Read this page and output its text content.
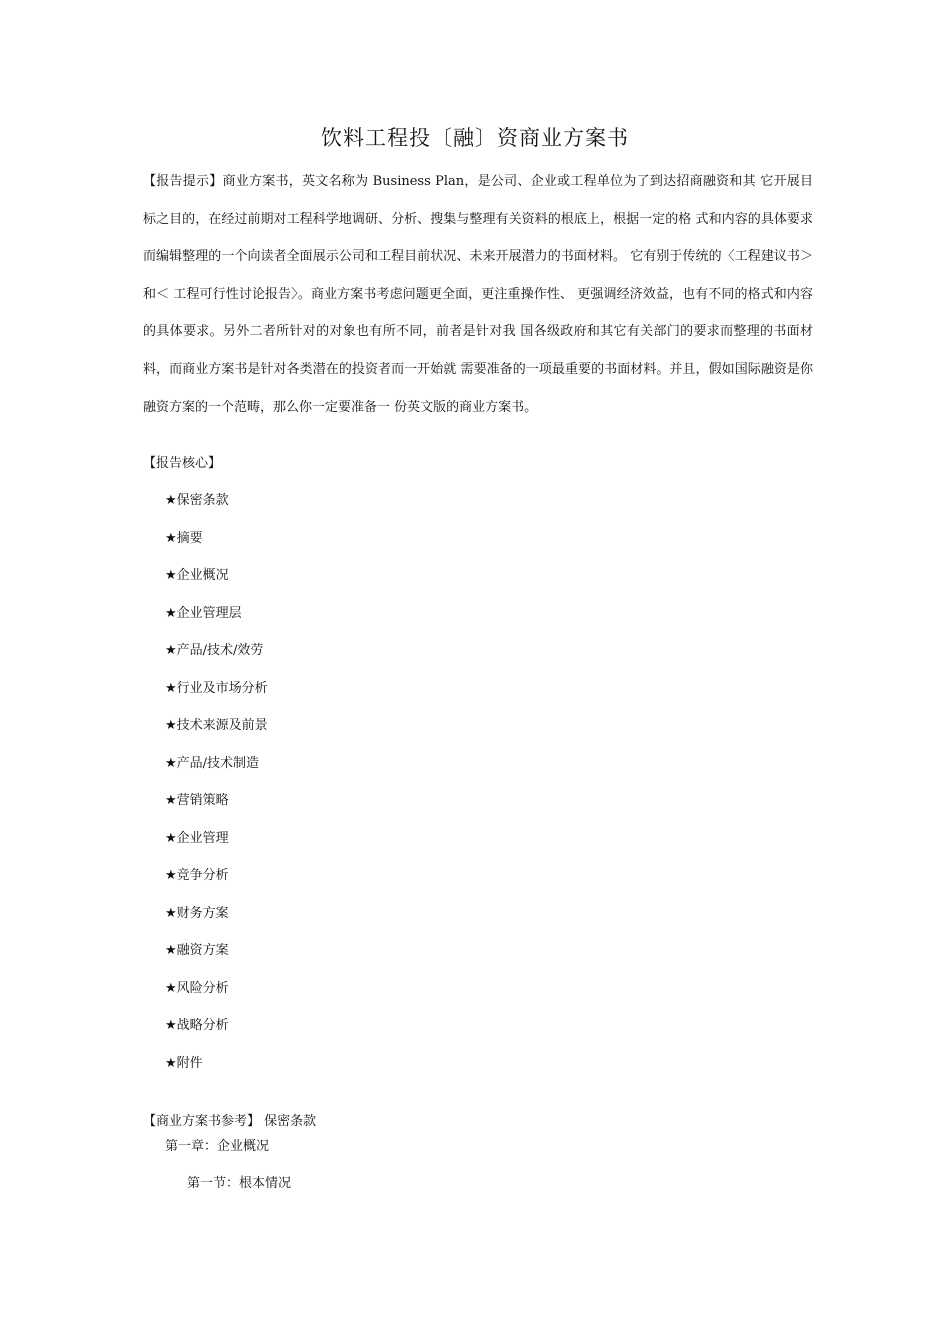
饮料工程投〔融〕资商业方案书
【报告提示】商业方案书，英文名称为 Business Plan，是公司、企业或工程单位为了到达招商融资和其 它开展目标之目的，在经过前期对工程科学地调研、分析、搜集与整理有关资料的根底上，根据一定的格 式和内容的具体要求而编辑整理的一个向读者全面展示公司和工程目前状况、未来开展潜力的书面材料。 它有别于传统的〈工程建议书＞ 和＜ 工程可行性讨论报告〉。商业方案书考虑问题更全面，更注重操作性、 更强调经济效益，也有不同的格式和内容的具体要求。另外二者所针对的对象也有所不同，前者是针对我 国各级政府和其它有关部门的要求而整理的书面材料，而商业方案书是针对各类潜在的投资者而一开始就 需要准备的一项最重要的书面材料。并且，假如国际融资是你融资方案的一个范畴，那么你一定要准备一 份英文版的商业方案书。
【报告核心】
★保密条款
★摘要
★企业概况
★企业管理层
★产品/技术/效劳
★行业及市场分析
★技术来源及前景
★产品/技术制造
★营销策略
★企业管理
★竞争分析
★财务方案
★融资方案
★风险分析
★战略分析
★附件
【商业方案书参考】 保密条款
第一章：企业概况
第一节：根本情况
